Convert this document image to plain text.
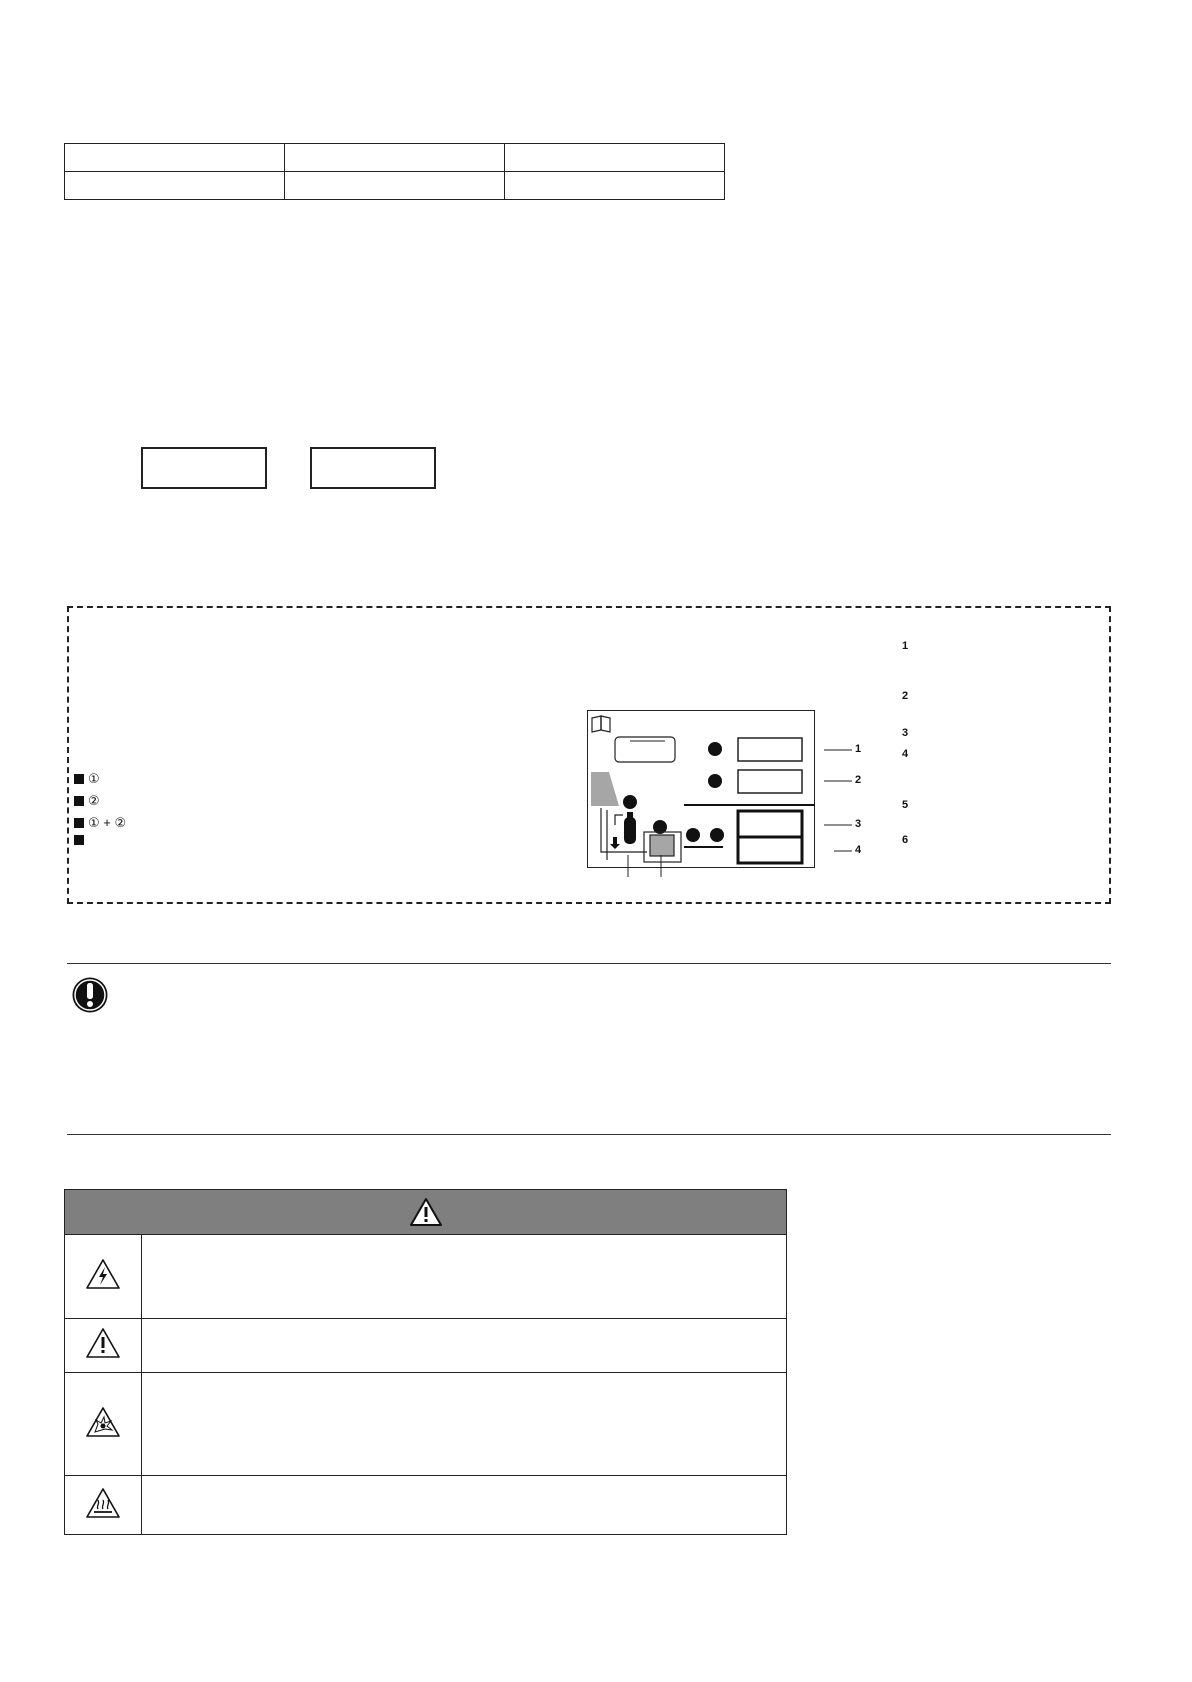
①
②
① + ②
1
2
3
4
1
2
3
4
5
6
